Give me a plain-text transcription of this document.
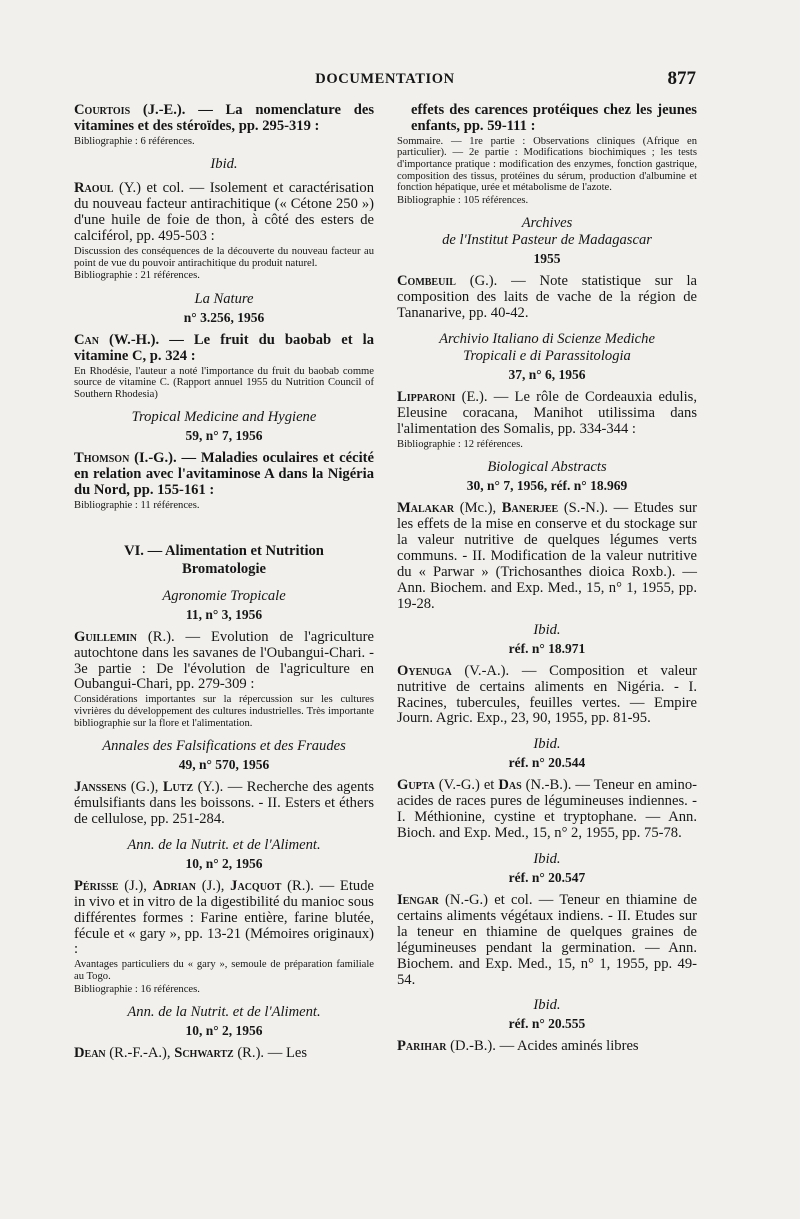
DOCUMENTATION	877

Courtois (J.-E.). — La nomenclature des vitamines et des stéroïdes, pp. 295-319 :

Bibliographie : 6 références.

Ibid.

Raoul (Y.) et col. — Isolement et caractérisation du nouveau facteur antirachitique (« Cétone 250 ») d'une huile de foie de thon, à côté des esters de calciférol, pp. 495-503 :

Discussion des conséquences de la découverte du nouveau facteur au point de vue du pouvoir antirachitique du produit naturel.

Bibliographie : 21 références.

La Nature
n° 3.256, 1956

Can (W.-H.). — Le fruit du baobab et la vitamine C, p. 324 :

En Rhodésie, l'auteur a noté l'importance du fruit du baobab comme source de vitamine C. (Rapport annuel 1955 du Nutrition Council of Southern Rhodesia)

Tropical Medicine and Hygiene
59, n° 7, 1956

Thomson (I.-G.). — Maladies oculaires et cécité en relation avec l'avitaminose A dans la Nigéria du Nord, pp. 155-161 :

Bibliographie : 11 références.

VI. — Alimentation et Nutrition
Bromatologie
Agronomie Tropicale
11, n° 3, 1956

Guillemin (R.). — Evolution de l'agriculture autochtone dans les savanes de l'Oubangui-Chari. - 3e partie : De l'évolution de l'agriculture en Oubangui-Chari, pp. 279-309 :

Considérations importantes sur la répercussion sur les cultures vivrières du développement des cultures industrielles. Très importante bibliographie sur la flore et l'alimentation.

Annales des Falsifications et des Fraudes
49, n° 570, 1956

Janssens (G.), Lutz (Y.). — Recherche des agents émulsifiants dans les boissons. - II. Esters et éthers de cellulose, pp. 251-284.

Ann. de la Nutrit. et de l'Aliment.
10, n° 2, 1956

Périsse (J.), Adrian (J.), Jacquot (R.). — Etude in vivo et in vitro de la digestibilité du manioc sous différentes formes : Farine entière, farine blutée, fécule et « gary », pp. 13-21 (Mémoires originaux) :

Avantages particuliers du « gary », semoule de préparation familiale au Togo.

Bibliographie : 16 références.

Ann. de la Nutrit. et de l'Aliment.
10, n° 2, 1956

Dean (R.-F.-A.), Schwartz (R.). — Les

effets des carences protéiques chez les jeunes enfants, pp. 59-111 :

Sommaire. — 1re partie : Observations cliniques (Afrique en particulier). — 2e partie : Modifications biochimiques ; les tests d'importance pratique : modification des enzymes, fonction gastrique, composition des tissus, protéines du sérum, production d'albumine et fonction hépatique, urée et métabolisme de l'azote.

Bibliographie : 105 références.

Archives
de l'Institut Pasteur de Madagascar
1955

Combeuil (G.). — Note statistique sur la composition des laits de vache de la région de Tananarive, pp. 40-42.

Archivio Italiano di Scienze Mediche
Tropicali e di Parassitologia
37, n° 6, 1956

Lipparoni (E.). — Le rôle de Cordeauxia edulis, Eleusine coracana, Manihot utilissima dans l'alimentation des Somalis, pp. 334-344 :

Bibliographie : 12 références.

Biological Abstracts
30, n° 7, 1956, réf. n° 18.969

Malakar (Mc.), Banerjee (S.-N.). — Etudes sur les effets de la mise en conserve et du stockage sur la valeur nutritive de quelques légumes verts communs. - II. Modification de la valeur nutritive du « Parwar » (Trichosanthes dioica Roxb.). — Ann. Biochem. and Exp. Med., 15, n° 1, 1955, pp. 19-28.

Ibid.
réf. n° 18.971

Oyenuga (V.-A.). — Composition et valeur nutritive de certains aliments en Nigéria. - I. Racines, tubercules, feuilles vertes. — Empire Journ. Agric. Exp., 23, 90, 1955, pp. 81-95.

Ibid.
réf. n° 20.544

Gupta (V.-G.) et Das (N.-B.). — Teneur en amino-acides de races pures de légumineuses indiennes. - I. Méthionine, cystine et tryptophane. — Ann. Bioch. and Exp. Med., 15, n° 2, 1955, pp. 75-78.

Ibid.
réf. n° 20.547

Iengar (N.-G.) et col. — Teneur en thiamine de certains aliments végétaux indiens. - II. Etudes sur la teneur en thiamine de quelques graines de légumineuses pendant la germination. — Ann. Biochem. and Exp. Med., 15, n° 1, 1955, pp. 49-54.

Ibid.
réf. n° 20.555

Parihar (D.-B.). — Acides aminés libres
